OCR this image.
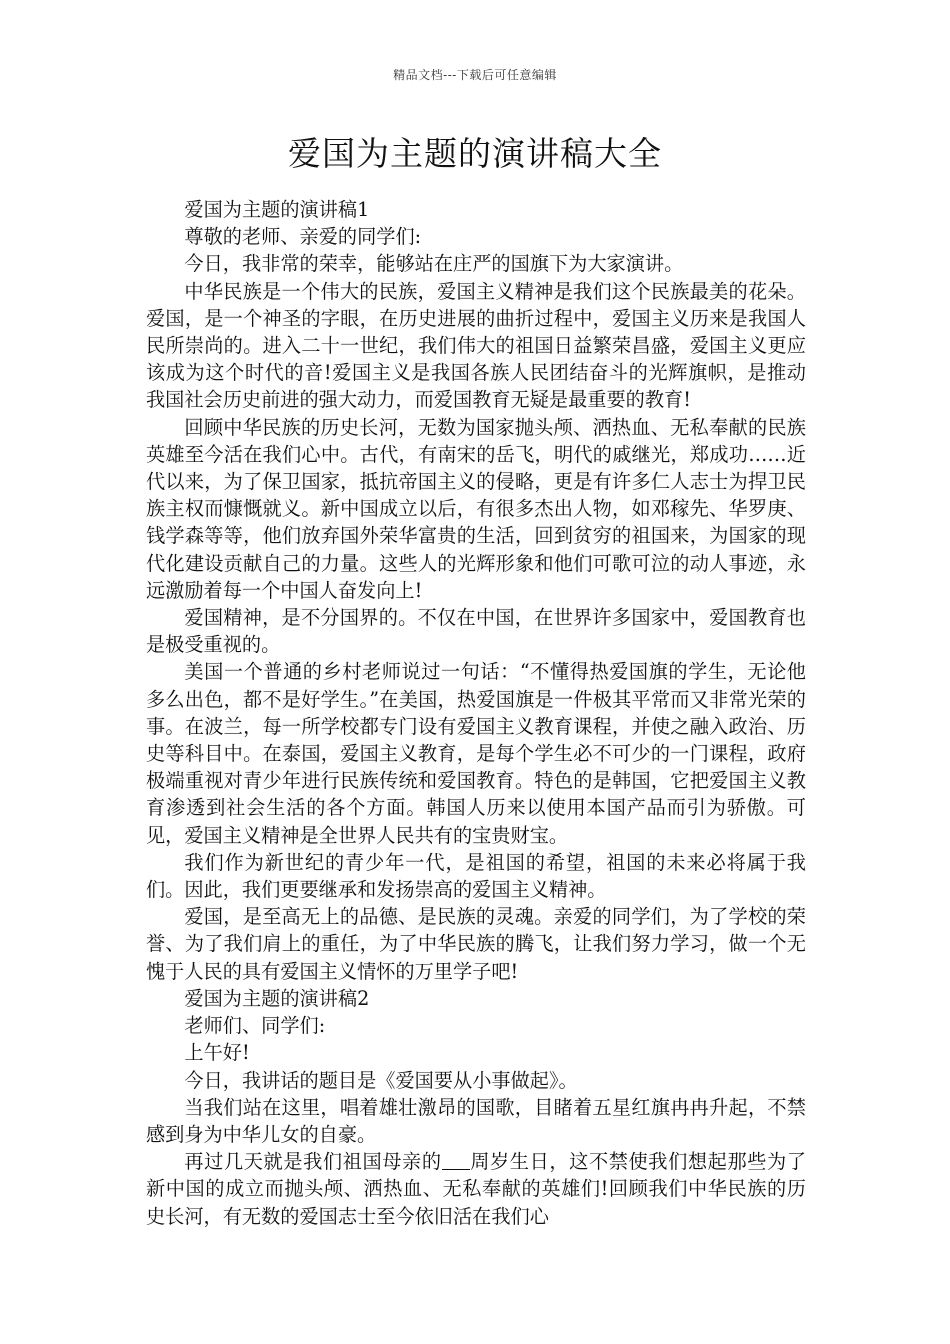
精品文档---下载后可任意编辑
爱国为主题的演讲稿大全

爱国为主题的演讲稿1

尊敬的老师、亲爱的同学们:

今日，我非常的荣幸，能够站在庄严的国旗下为大家演讲。

中华民族是一个伟大的民族，爱国主义精神是我们这个民族最美的花朵。爱国，是一个神圣的字眼，在历史进展的曲折过程中，爱国主义历来是我国人民所崇尚的。进入二十一世纪，我们伟大的祖国日益繁荣昌盛，爱国主义更应该成为这个时代的音!爱国主义是我国各族人民团结奋斗的光辉旗帜，是推动我国社会历史前进的强大动力，而爱国教育无疑是最重要的教育!

回顾中华民族的历史长河，无数为国家抛头颅、洒热血、无私奉献的民族英雄至今活在我们心中。古代，有南宋的岳飞，明代的戚继光，郑成功……近代以来，为了保卫国家，抵抗帝国主义的侵略，更是有许多仁人志士为捍卫民族主权而慷慨就义。新中国成立以后，有很多杰出人物，如邓稼先、华罗庚、钱学森等等，他们放弃国外荣华富贵的生活，回到贫穷的祖国来，为国家的现代化建设贡献自己的力量。这些人的光辉形象和他们可歌可泣的动人事迹，永远激励着每一个中国人奋发向上!

爱国精神，是不分国界的。不仅在中国，在世界许多国家中，爱国教育也是极受重视的。

美国一个普通的乡村老师说过一句话：“不懂得热爱国旗的学生，无论他多么出色，都不是好学生。”在美国，热爱国旗是一件极其平常而又非常光荣的事。在波兰，每一所学校都专门设有爱国主义教育课程，并使之融入政治、历史等科目中。在泰国，爱国主义教育，是每个学生必不可少的一门课程，政府极端重视对青少年进行民族传统和爱国教育。特色的是韩国，它把爱国主义教育渗透到社会生活的各个方面。韩国人历来以使用本国产品而引为骄傲。可见，爱国主义精神是全世界人民共有的宝贵财宝。

我们作为新世纪的青少年一代，是祖国的希望，祖国的未来必将属于我们。因此，我们更要继承和发扬崇高的爱国主义精神。

爱国，是至高无上的品德、是民族的灵魂。亲爱的同学们，为了学校的荣誉、为了我们肩上的重任，为了中华民族的腾飞，让我们努力学习，做一个无愧于人民的具有爱国主义情怀的万里学子吧!

爱国为主题的演讲稿2

老师们、同学们:

上午好!

今日，我讲话的题目是《爱国要从小事做起》。

当我们站在这里，唱着雄壮激昂的国歌，目睹着五星红旗冉冉升起，不禁感到身为中华儿女的自豪。

再过几天就是我们祖国母亲的 周岁生日，这不禁使我们想起那些为了新中国的成立而抛头颅、洒热血、无私奉献的英雄们!回顾我们中华民族的历史长河，有无数的爱国志士至今依旧活在我们心
